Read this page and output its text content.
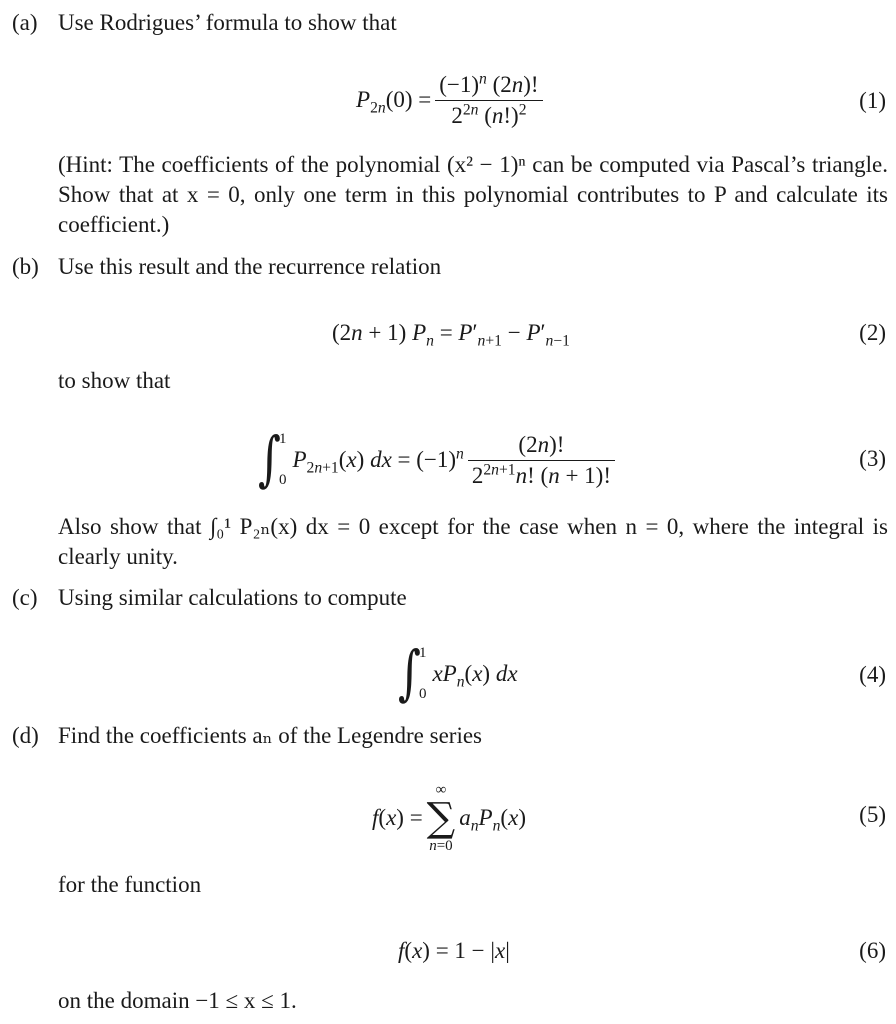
(a) Use Rodrigues’ formula to show that
$P_{2n}(0) = \frac{(-1)^n (2n)!}{2^{2n} (n!)^2}$	(1)
(Hint: The coefficients of the polynomial (x² − 1)ⁿ can be computed via Pascal’s triangle. Show that at x = 0, only one term in this polynomial contributes to P and calculate its coefficient.)
(b) Use this result and the recurrence relation
(2n + 1) $P_n = P'_{n+1} - P'_{n-1}$	(2)
to show that
∫
1
0
$P_{2n+1}(x)$ dx = $(-1)^n \frac{(2n)!}{2^{2n+1}n! (n + 1)!}$	(3)
Also show that ∫₀¹ P₂ₙ(x) dx = 0 except for the case when n = 0, where the integral is clearly unity.
(c) Using similar calculations to compute
∫
1
0
$xP_n(x)$ dx	(4)
(d) Find the coefficients aₙ of the Legendre series
f(x) =
∞
∑
n=0
$a_nP_n(x)$	(5)
for the function
f(x) = 1 − |x|	(6)
on the domain −1 ≤ x ≤ 1.
